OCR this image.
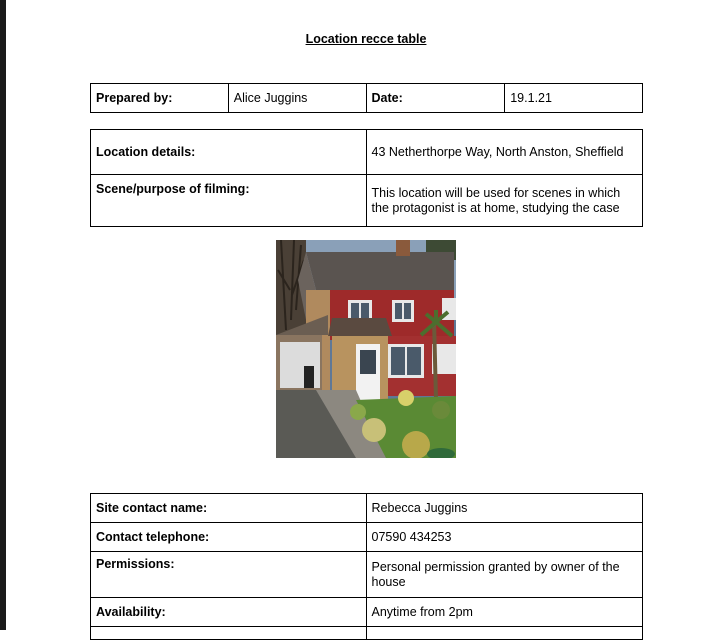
Location recce table
Prepared by:	Alice Juggins	Date:	19.1.21
Location details:	43 Netherthorpe Way, North Anston, Sheffield
Scene/purpose of filming:	This location will be used for scenes in which the protagonist is at home, studying the case
Site contact name:	Rebecca Juggins
Contact telephone:	07590 434253
Permissions:	Personal permission granted by owner of the house
Availability:	Anytime from 2pm
